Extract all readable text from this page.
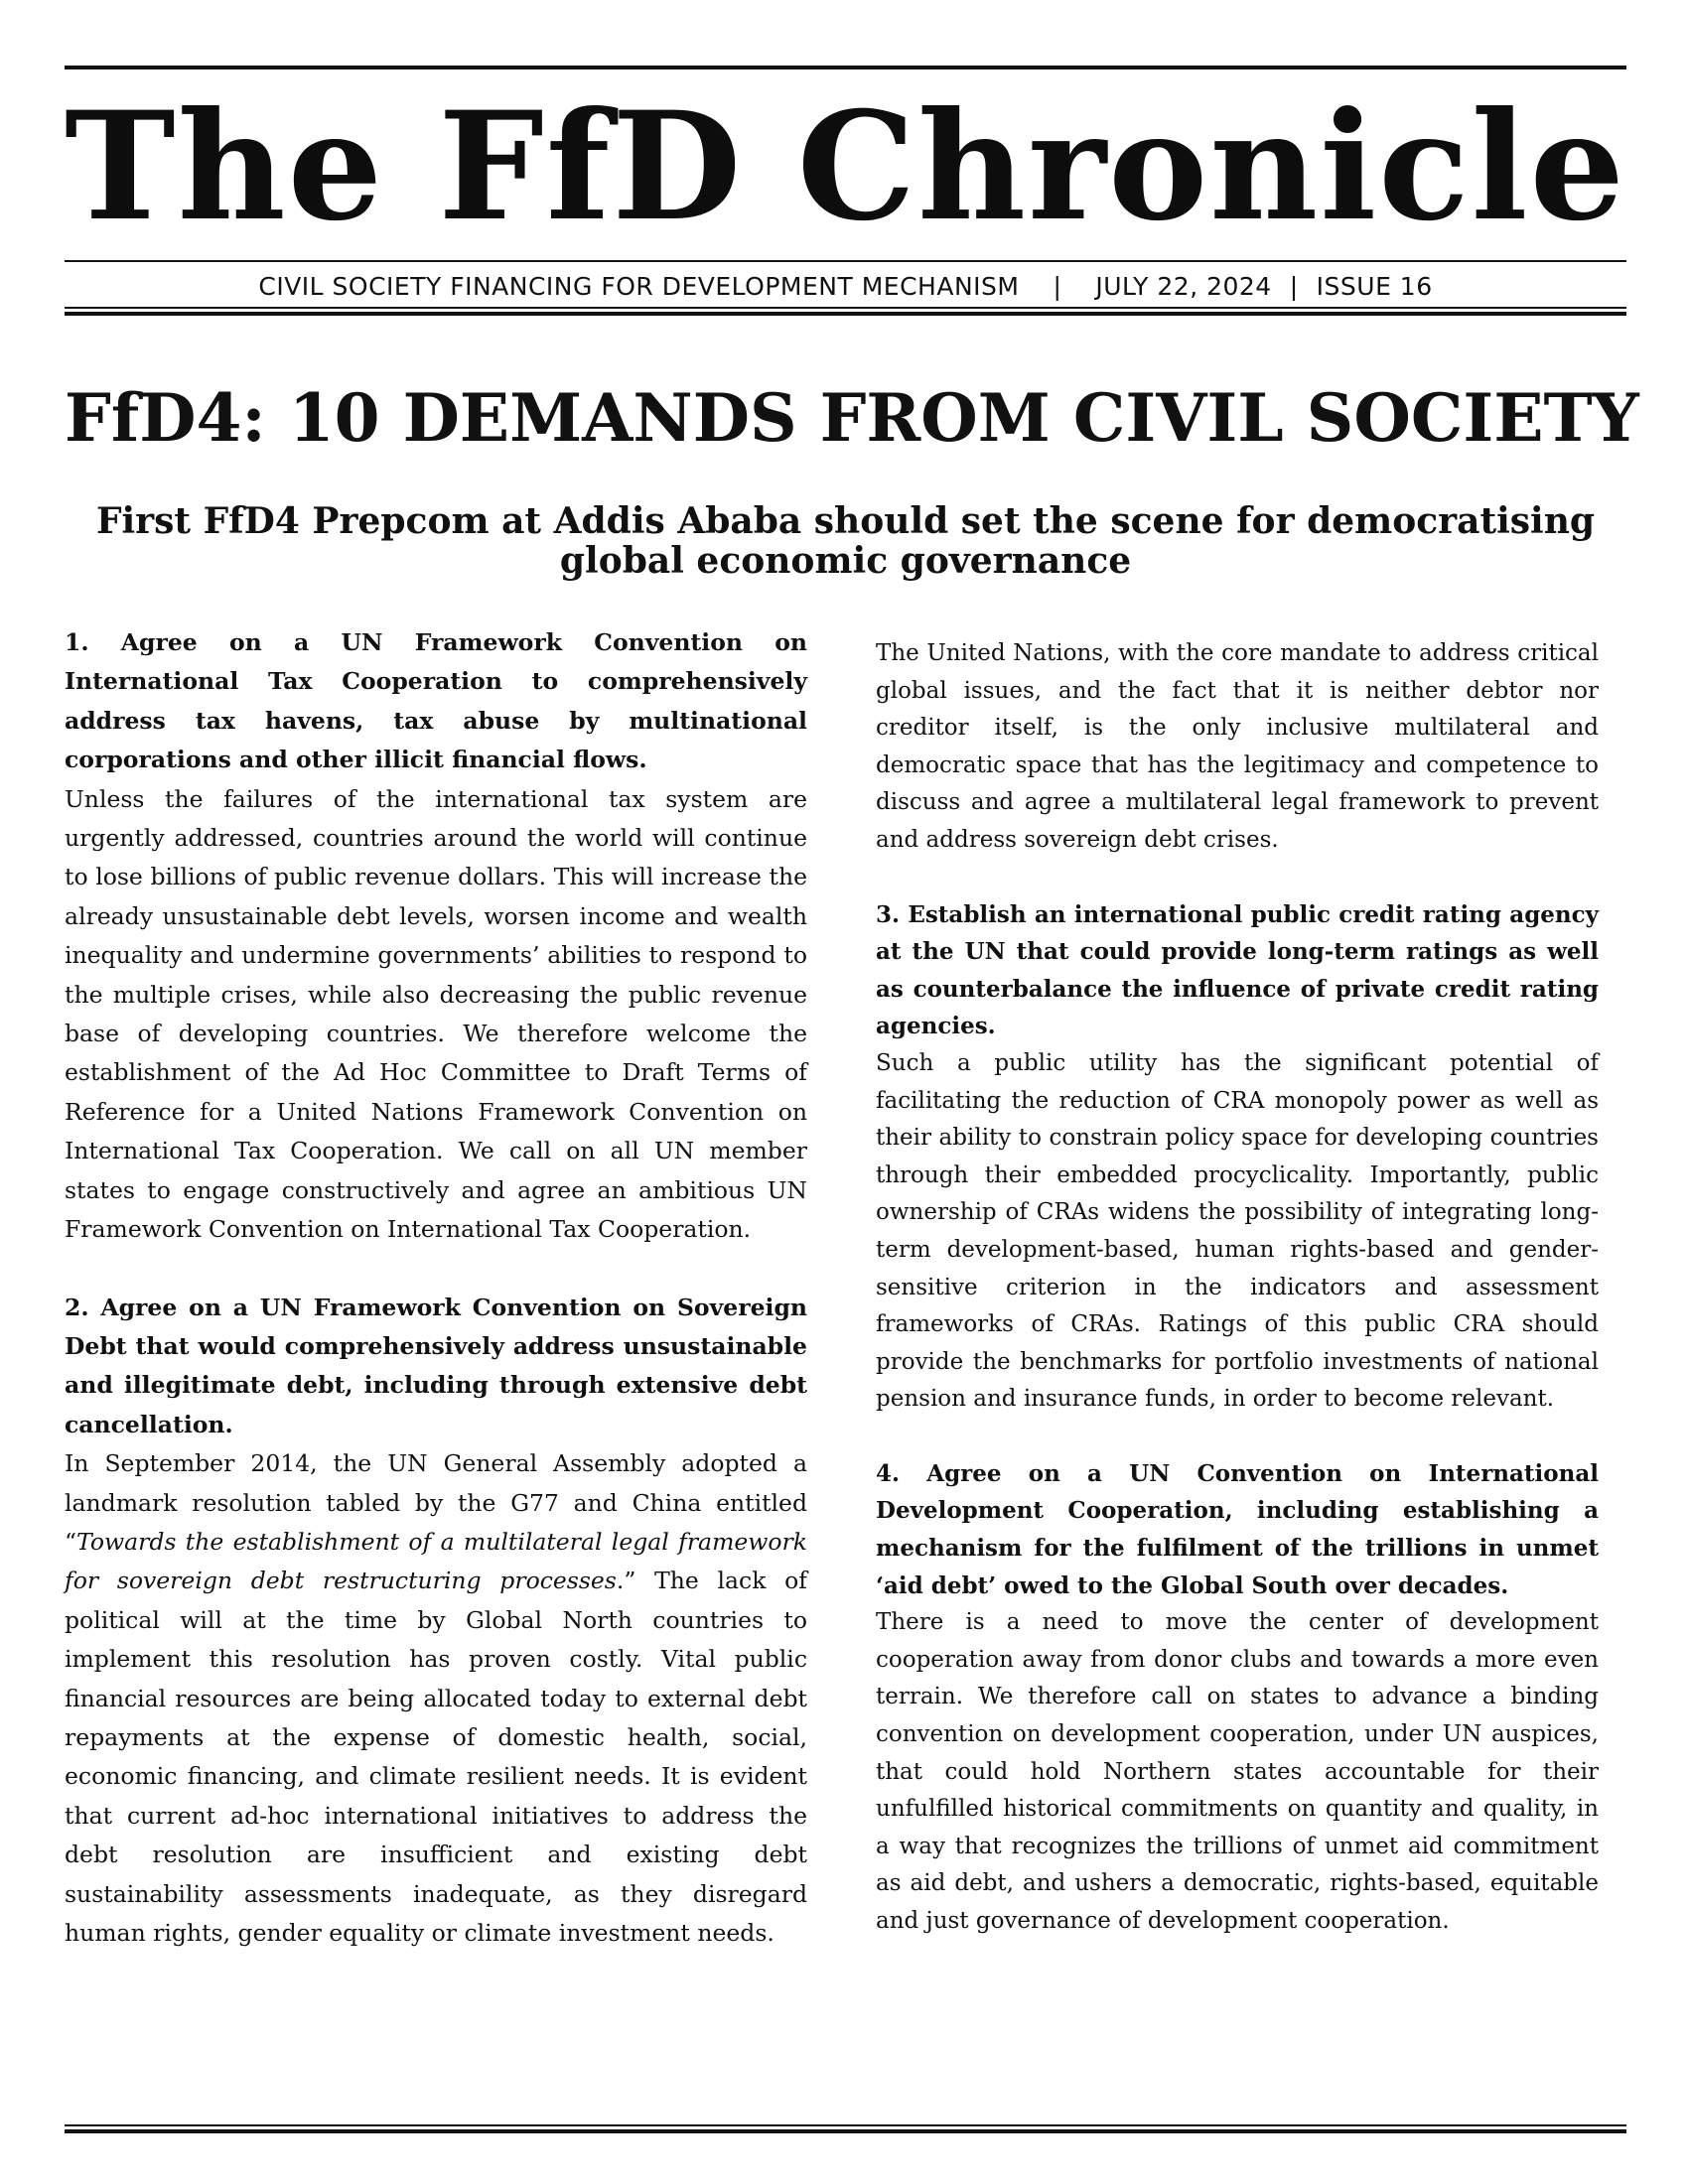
The FfD Chronicle
CIVIL SOCIETY FINANCING FOR DEVELOPMENT MECHANISM | JULY 22, 2024 | ISSUE 16
FfD4: 10 DEMANDS FROM CIVIL SOCIETY
First FfD4 Prepcom at Addis Ababa should set the scene for democratising global economic governance
1. Agree on a UN Framework Convention on International Tax Cooperation to comprehensively address tax havens, tax abuse by multinational corporations and other illicit financial flows.

Unless the failures of the international tax system are urgently addressed, countries around the world will continue to lose billions of public revenue dollars. This will increase the already unsustainable debt levels, worsen income and wealth inequality and undermine governments’ abilities to respond to the multiple crises, while also decreasing the public revenue base of developing countries. We therefore welcome the establishment of the Ad Hoc Committee to Draft Terms of Reference for a United Nations Framework Convention on International Tax Cooperation. We call on all UN member states to engage constructively and agree an ambitious UN Framework Convention on International Tax Cooperation.

2. Agree on a UN Framework Convention on Sovereign Debt that would comprehensively address unsustainable and illegitimate debt, including through extensive debt cancellation.

In September 2014, the UN General Assembly adopted a landmark resolution tabled by the G77 and China entitled “Towards the establishment of a multilateral legal framework for sovereign debt restructuring processes.” The lack of political will at the time by Global North countries to implement this resolution has proven costly. Vital public financial resources are being allocated today to external debt repayments at the expense of domestic health, social, economic financing, and climate resilient needs. It is evident that current ad-hoc international initiatives to address the debt resolution are insufficient and existing debt sustainability assessments inadequate, as they disregard human rights, gender equality or climate investment needs.

The United Nations, with the core mandate to address critical global issues, and the fact that it is neither debtor nor creditor itself, is the only inclusive multilateral and democratic space that has the legitimacy and competence to discuss and agree a multilateral legal framework to prevent and address sovereign debt crises.

3. Establish an international public credit rating agency at the UN that could provide long-term ratings as well as counterbalance the influence of private credit rating agencies.

Such a public utility has the significant potential of facilitating the reduction of CRA monopoly power as well as their ability to constrain policy space for developing countries through their embedded procyclicality. Importantly, public ownership of CRAs widens the possibility of integrating long-term development-based, human rights-based and gender-sensitive criterion in the indicators and assessment frameworks of CRAs. Ratings of this public CRA should provide the benchmarks for portfolio investments of national pension and insurance funds, in order to become relevant.

4. Agree on a UN Convention on International Development Cooperation, including establishing a mechanism for the fulfilment of the trillions in unmet ‘aid debt’ owed to the Global South over decades.

There is a need to move the center of development cooperation away from donor clubs and towards a more even terrain. We therefore call on states to advance a binding convention on development cooperation, under UN auspices, that could hold Northern states accountable for their unfulfilled historical commitments on quantity and quality, in a way that recognizes the trillions of unmet aid commitment as aid debt, and ushers a democratic, rights-based, equitable and just governance of development cooperation.
